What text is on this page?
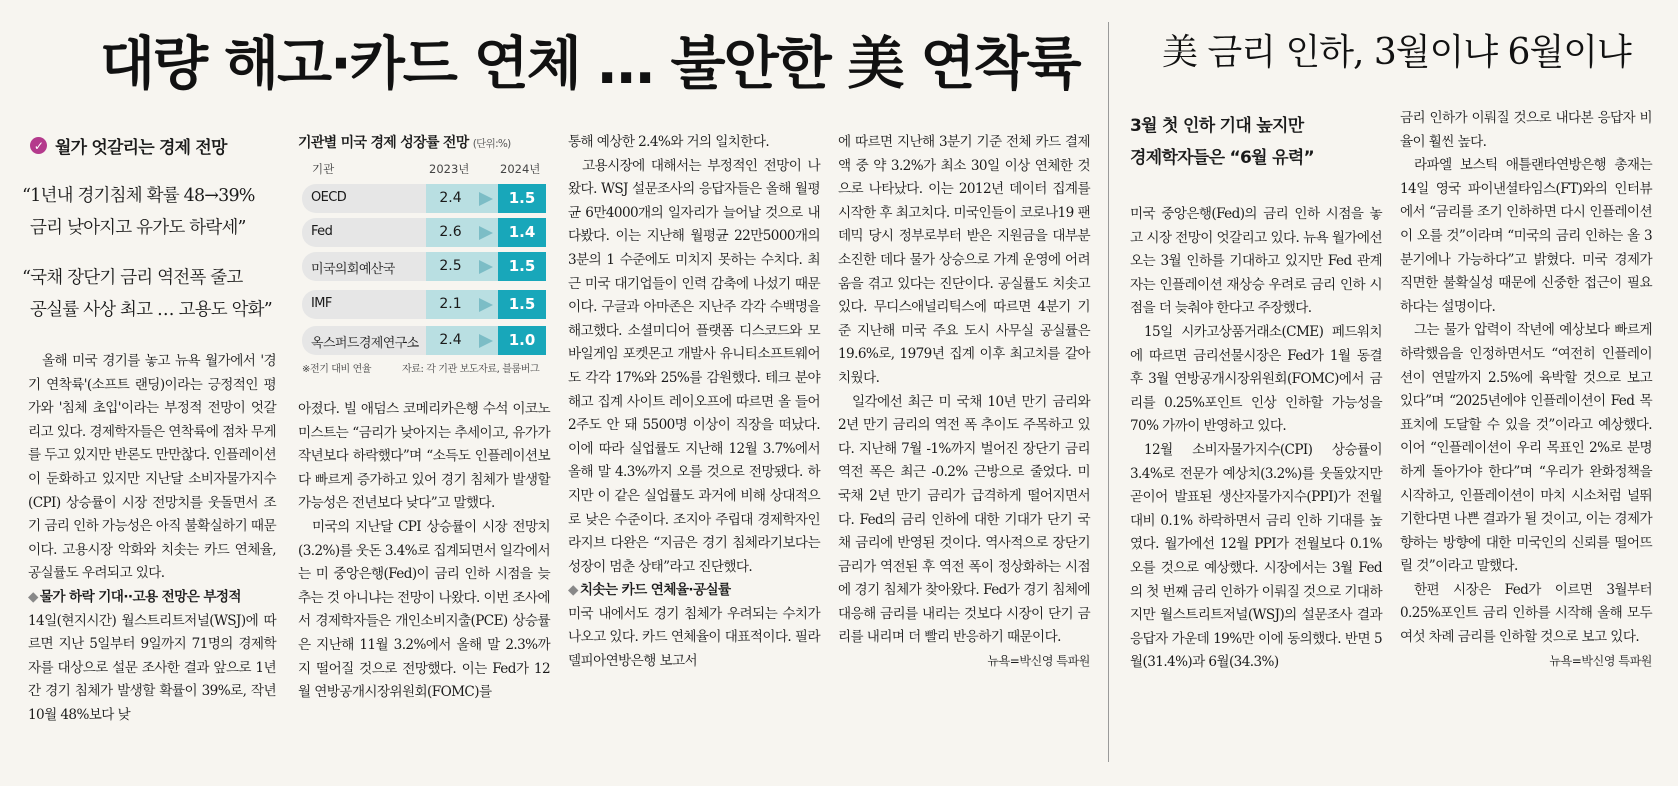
대량 해고·카드 연체 … 불안한 美 연착륙 美 금리 인하, 3월이냐 6월이냐
✓ 월가 엇갈리는 경제 전망
“1년내 경기침체 확률 48→39%
금리 낮아지고 유가도 하락세”
“국채 장단기 금리 역전폭 줄고
공실률 사상 최고 … 고용도 악화”

올해 미국 경기를 놓고 뉴욕 월가에서 '경기 연착륙'(소프트 랜딩)이라는 긍정적인 평가와 '침체 초입'이라는 부정적 전망이 엇갈리고 있다. 경제학자들은 연착륙에 점차 무게를 두고 있지만 반론도 만만찮다. 인플레이션이 둔화하고 있지만 지난달 소비자물가지수(CPI) 상승률이 시장 전망치를 웃돌면서 조기 금리 인하 가능성은 아직 불확실하기 때문이다. 고용시장 악화와 치솟는 카드 연체율, 공실률도 우려되고 있다.

◆ 물가 하락 기대··고용 전망은 부정적

14일(현지시간) 월스트리트저널(WSJ)에 따르면 지난 5일부터 9일까지 71명의 경제학자를 대상으로 설문 조사한 결과 앞으로 1년간 경기 침체가 발생할 확률이 39%로, 작년 10월 48%보다 낮

기관별 미국 경제 성장률 전망 (단위:%)
기관	2023년	2024년
OECD	2.4	1.5
Fed	2.6	1.4
미국의회예산국	2.5	1.5
IMF	2.1	1.5
옥스퍼드경제연구소	2.4	1.0
※전기 대비 연율	자료: 각 기관 보도자료, 블룸버그

아졌다. 빌 애덤스 코메리카은행 수석 이코노미스트는 “금리가 낮아지는 추세이고, 유가가 작년보다 하락했다”며 “소득도 인플레이션보다 빠르게 증가하고 있어 경기 침체가 발생할 가능성은 전년보다 낮다”고 말했다.

미국의 지난달 CPI 상승률이 시장 전망치(3.2%)를 웃돈 3.4%로 집계되면서 일각에서는 미 중앙은행(Fed)이 금리 인하 시점을 늦추는 것 아니냐는 전망이 나왔다. 이번 조사에서 경제학자들은 개인소비지출(PCE) 상승률은 지난해 11월 3.2%에서 올해 말 2.3%까지 떨어질 것으로 전망했다. 이는 Fed가 12월 연방공개시장위원회(FOMC)를

통해 예상한 2.4%와 거의 일치한다.

고용시장에 대해서는 부정적인 전망이 나왔다. WSJ 설문조사의 응답자들은 올해 월평균 6만4000개의 일자리가 늘어날 것으로 내다봤다. 이는 지난해 월평균 22만5000개의 3분의 1 수준에도 미치지 못하는 수치다. 최근 미국 대기업들이 인력 감축에 나섰기 때문이다. 구글과 아마존은 지난주 각각 수백명을 해고했다. 소셜미디어 플랫폼 디스코드와 모바일게임 포켓몬고 개발사 유니티소프트웨어도 각각 17%와 25%를 감원했다. 테크 분야 해고 집계 사이트 레이오프에 따르면 올 들어 2주도 안 돼 5500명 이상이 직장을 떠났다. 이에 따라 실업률도 지난해 12월 3.7%에서 올해 말 4.3%까지 오를 것으로 전망됐다. 하지만 이 같은 실업률도 과거에 비해 상대적으로 낮은 수준이다. 조지아 주립대 경제학자인 라지브 다완은 “지금은 경기 침체라기보다는 성장이 멈춘 상태”라고 진단했다.

◆ 치솟는 카드 연체율·공실률

미국 내에서도 경기 침체가 우려되는 수치가 나오고 있다. 카드 연체율이 대표적이다. 필라델피아연방은행 보고서

에 따르면 지난해 3분기 기준 전체 카드 결제액 중 약 3.2%가 최소 30일 이상 연체한 것으로 나타났다. 이는 2012년 데이터 집계를 시작한 후 최고치다. 미국인들이 코로나19 팬데믹 당시 정부로부터 받은 지원금을 대부분 소진한 데다 물가 상승으로 가계 운영에 어려움을 겪고 있다는 진단이다. 공실률도 치솟고 있다. 무디스애널리틱스에 따르면 4분기 기준 지난해 미국 주요 도시 사무실 공실률은 19.6%로, 1979년 집계 이후 최고치를 갈아치웠다.

일각에선 최근 미 국채 10년 만기 금리와 2년 만기 금리의 역전 폭 추이도 주목하고 있다. 지난해 7월 -1%까지 벌어진 장단기 금리 역전 폭은 최근 -0.2% 근방으로 줄었다. 미 국채 2년 만기 금리가 급격하게 떨어지면서다. Fed의 금리 인하에 대한 기대가 단기 국채 금리에 반영된 것이다. 역사적으로 장단기 금리가 역전된 후 역전 폭이 정상화하는 시점에 경기 침체가 찾아왔다. Fed가 경기 침체에 대응해 금리를 내리는 것보다 시장이 단기 금리를 내리며 더 빨리 반응하기 때문이다.

뉴욕=박신영 특파원
3월 첫 인하 기대 높지만
경제학자들은 “6월 유력”

미국 중앙은행(Fed)의 금리 인하 시점을 놓고 시장 전망이 엇갈리고 있다. 뉴욕 월가에선 오는 3월 인하를 기대하고 있지만 Fed 관계자는 인플레이션 재상승 우려로 금리 인하 시점을 더 늦춰야 한다고 주장했다.

15일 시카고상품거래소(CME) 페드워치에 따르면 금리선물시장은 Fed가 1월 동결 후 3월 연방공개시장위원회(FOMC)에서 금리를 0.25%포인트 인상 인하할 가능성을 70% 가까이 반영하고 있다.

12월 소비자물가지수(CPI) 상승률이 3.4%로 전문가 예상치(3.2%)를 웃돌았지만 곧이어 발표된 생산자물가지수(PPI)가 전월 대비 0.1% 하락하면서 금리 인하 기대를 높였다. 월가에선 12월 PPI가 전월보다 0.1% 오를 것으로 예상했다. 시장에서는 3월 Fed의 첫 번째 금리 인하가 이뤄질 것으로 기대하지만 월스트리트저널(WSJ)의 설문조사 결과 응답자 가운데 19%만 이에 동의했다. 반면 5월(31.4%)과 6월(34.3%)

금리 인하가 이뤄질 것으로 내다본 응답자 비율이 훨씬 높다.

라파엘 보스틱 애틀랜타연방은행 총재는 14일 영국 파이낸셜타임스(FT)와의 인터뷰에서 “금리를 조기 인하하면 다시 인플레이션이 오를 것”이라며 “미국의 금리 인하는 올 3분기에나 가능하다”고 밝혔다. 미국 경제가 직면한 불확실성 때문에 신중한 접근이 필요하다는 설명이다.

그는 물가 압력이 작년에 예상보다 빠르게 하락했음을 인정하면서도 “여전히 인플레이션이 연말까지 2.5%에 육박할 것으로 보고 있다”며 “2025년에야 인플레이션이 Fed 목표치에 도달할 수 있을 것”이라고 예상했다. 이어 “인플레이션이 우리 목표인 2%로 분명하게 돌아가야 한다”며 “우리가 완화정책을 시작하고, 인플레이션이 마치 시소처럼 널뛰기한다면 나쁜 결과가 될 것이고, 이는 경제가 향하는 방향에 대한 미국인의 신뢰를 떨어뜨릴 것”이라고 말했다.

한편 시장은 Fed가 이르면 3월부터 0.25%포인트 금리 인하를 시작해 올해 모두 여섯 차례 금리를 인하할 것으로 보고 있다.

뉴욕=박신영 특파원
